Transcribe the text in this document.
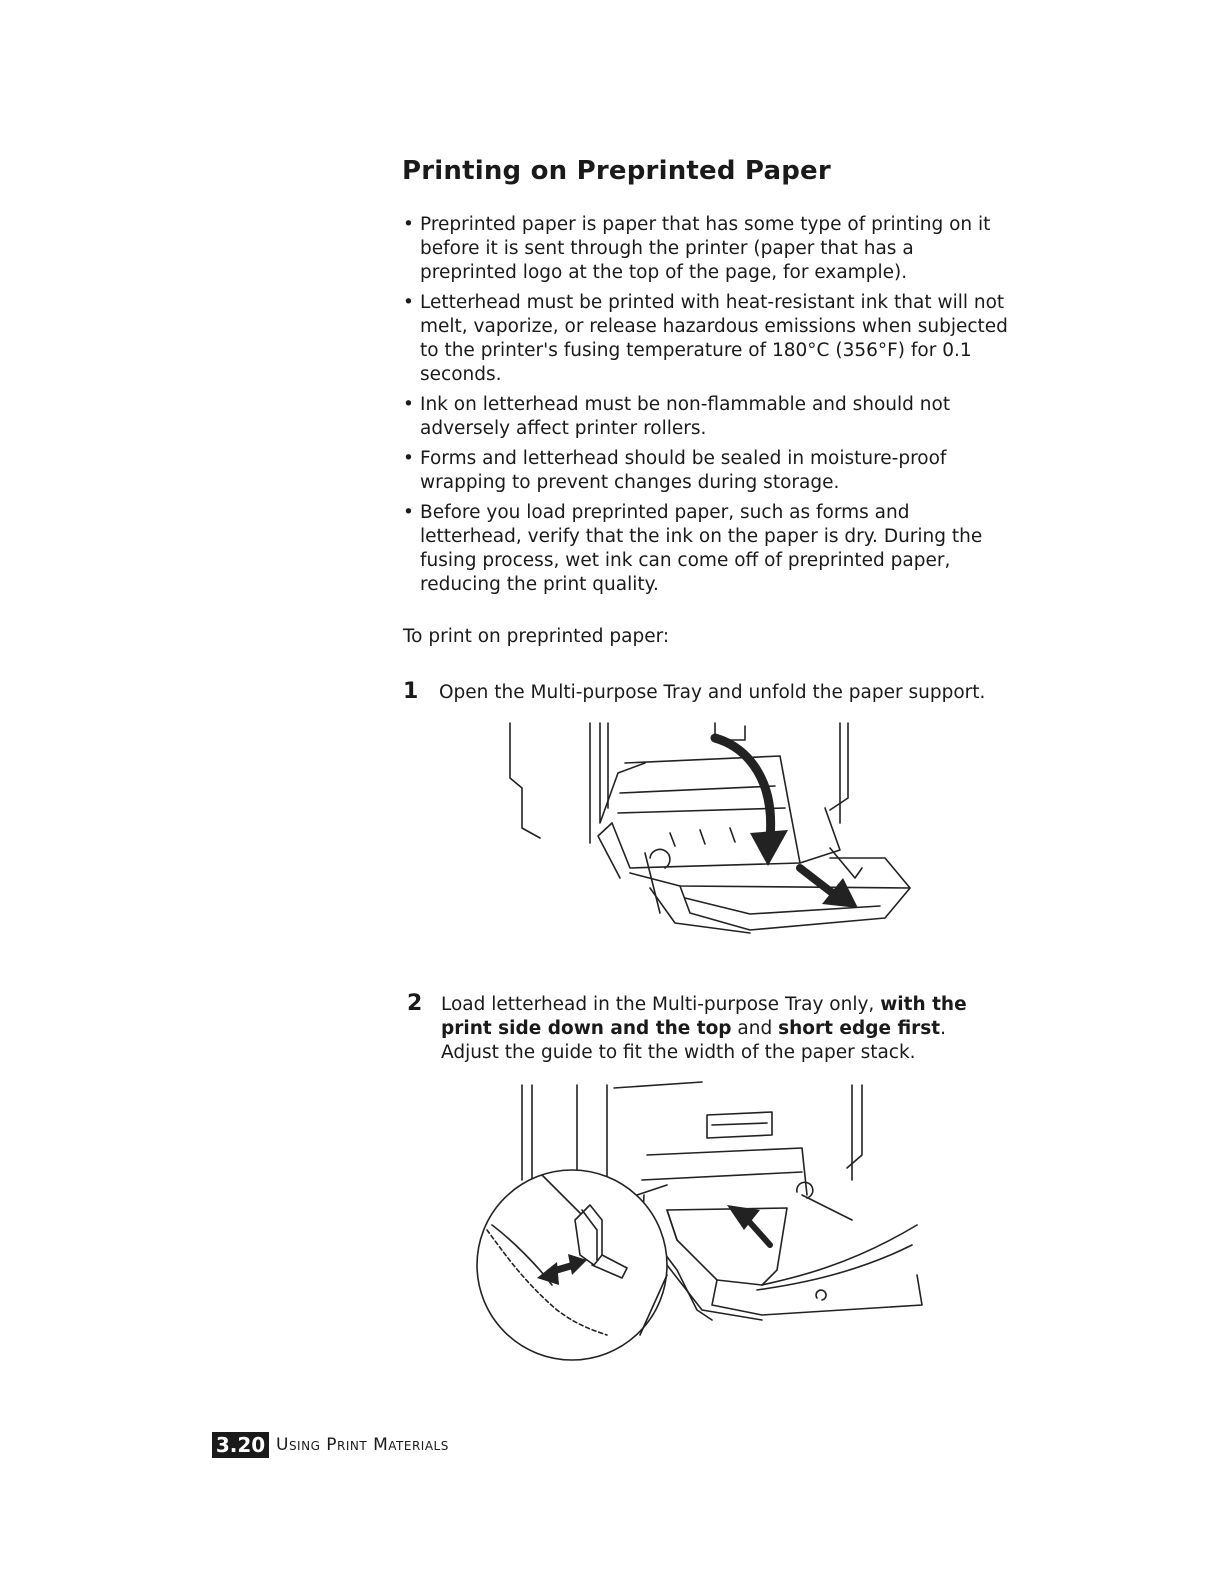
Printing on Preprinted Paper
• Preprinted paper is paper that has some type of printing on it before it is sent through the printer (paper that has a preprinted logo at the top of the page, for example).
• Letterhead must be printed with heat-resistant ink that will not melt, vaporize, or release hazardous emissions when subjected to the printer's fusing temperature of 180°C (356°F) for 0.1 seconds.
• Ink on letterhead must be non-flammable and should not adversely affect printer rollers.
• Forms and letterhead should be sealed in moisture-proof wrapping to prevent changes during storage.
• Before you load preprinted paper, such as forms and letterhead, verify that the ink on the paper is dry. During the fusing process, wet ink can come off of preprinted paper, reducing the print quality.

To print on preprinted paper:

1	Open the Multi-purpose Tray and unfold the paper support.
2	Load letterhead in the Multi-purpose Tray only, with the print side down and the top and short edge first.
Adjust the guide to fit the width of the paper stack.
3.20 Using Print Materials
